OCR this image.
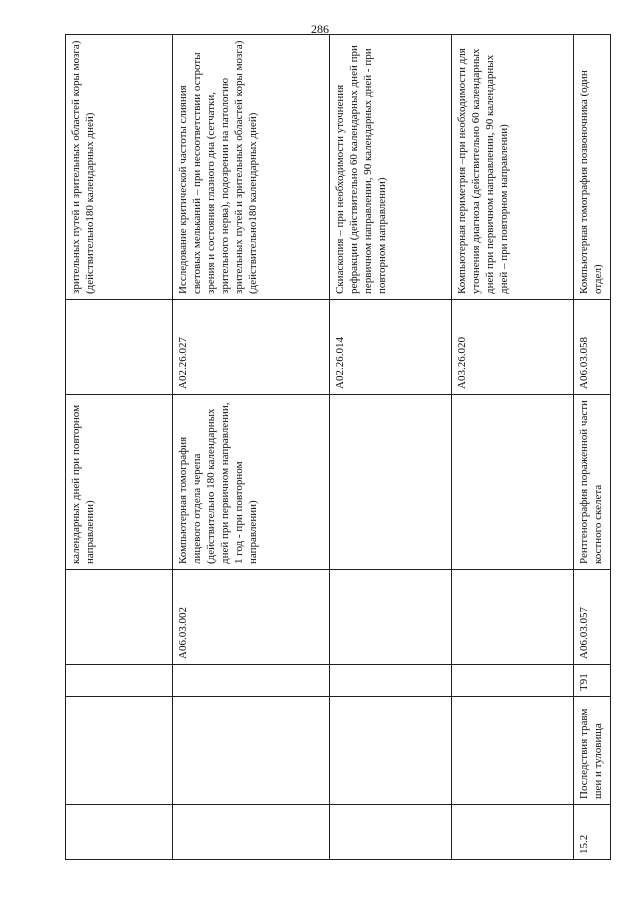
286
				календарных дней при повторном направлении)		зрительных путей и зрительных областей коры мозга) (действительно180 календарных дней)
			A06.03.002	Компьютерная томография лицевого отдела черепа (действительно 180 календарных дней при первичном направлении, 1 год - при повторном направлении)	A02.26.027	Исследование критической частоты слияния световых мельканий – при несоответствии остроты зрения и состояния глазного дна (сетчатки, зрительного нерва), подозрении на патологию зрительных путей и зрительных областей коры мозга) (действительно180 календарных дней)
					A02.26.014	Скиаскопия – при необходимости уточнения рефракции (действительно 60 календарных дней при первичном направлении, 90 календарных дней - при повторном направлении)
					A03.26.020	Компьютерная периметрия –при необходимости для уточнения диагноза (действительно 60 календарных дней при первичном направлении, 90 календарных дней – при повторном направлении)
15.2	Последствия травм шеи и туловища	T91	A06.03.057	Рентгенография пораженной части костного скелета	A06.03.058	Компьютерная томография позвоночника (один отдел)
